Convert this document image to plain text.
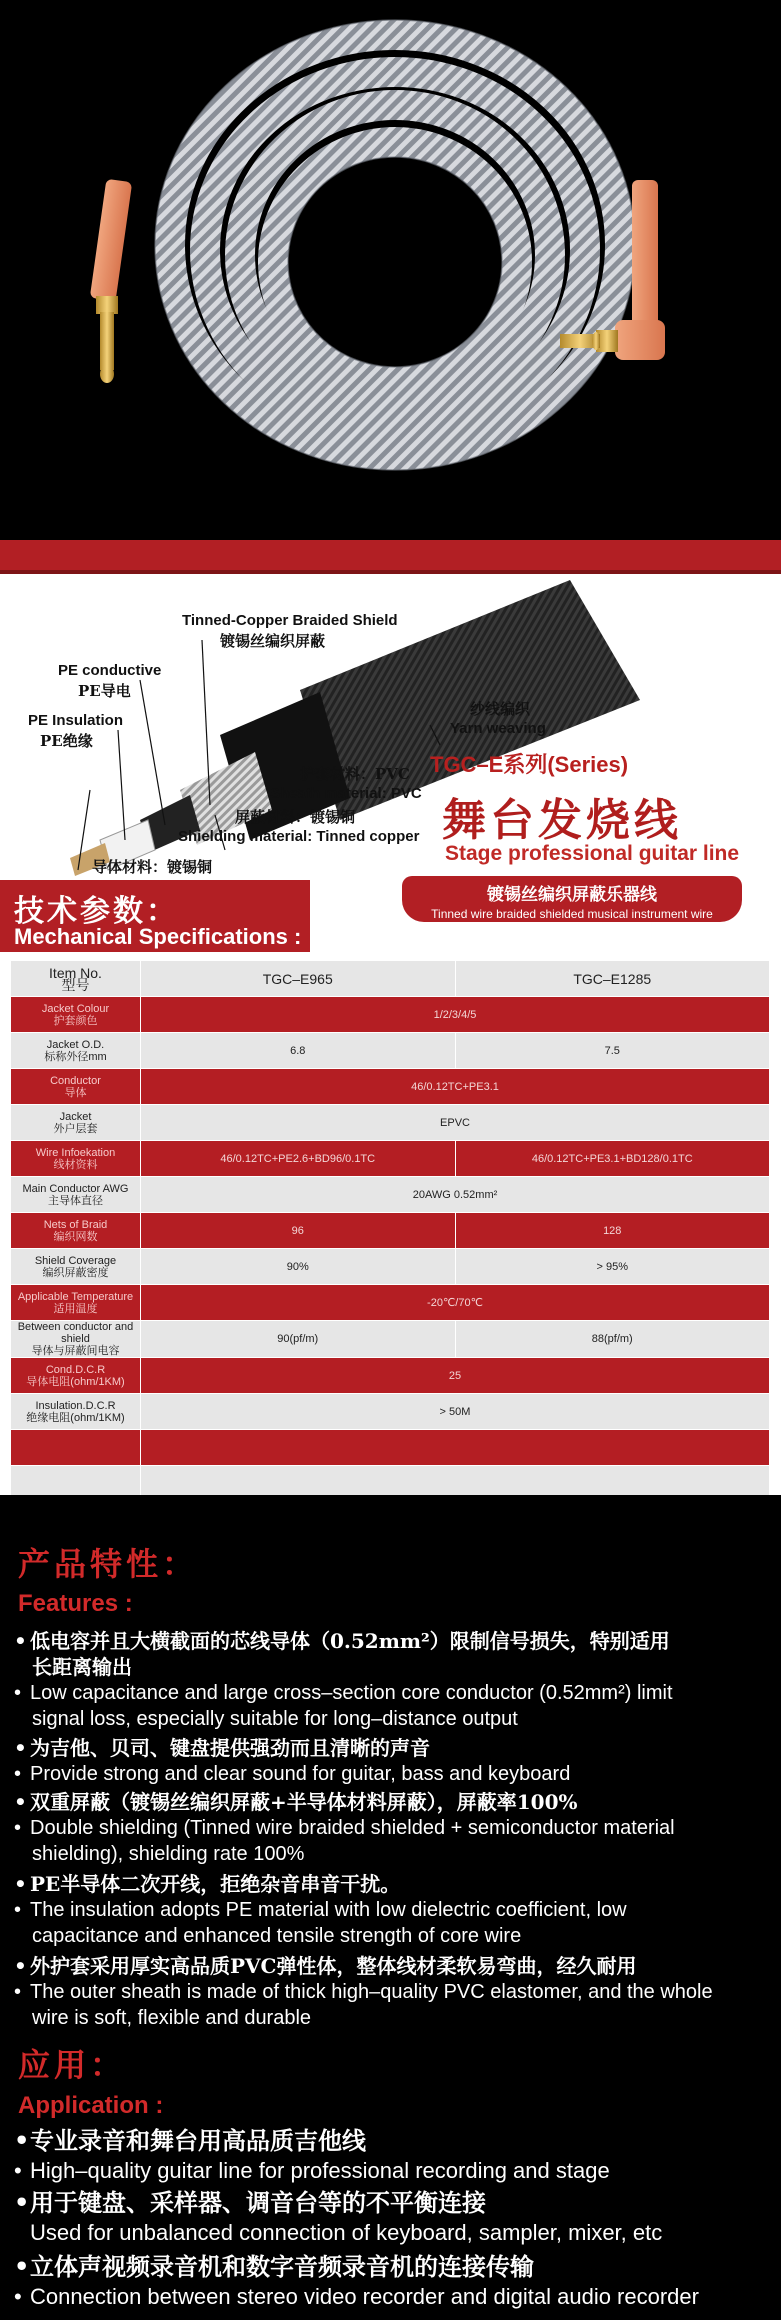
Tinned-Copper Braided Shield
镀锡丝编织屏蔽
PE conductive
PE导电
PE Insulation
PE绝缘
纱线编织
Yarn weaving
护套材料：PVC
Sheath material: PVC
屏蔽材料：镀锡铜
Shielding material: Tinned copper
导体材料：镀锡铜
TGC–E系列(Series)
舞台发烧线
Stage professional guitar line
镀锡丝编织屏蔽乐器线
Tinned wire braided shielded musical instrument wire
技术参数：
Mechanical Specifications :
Item No.
型号	TGC–E965	TGC–E1285
Jacket Colour
护套颜色	1/2/3/4/5	
Jacket O.D.
标称外径mm	6.8	7.5
Conductor
导体	46/0.12TC+PE3.1	
Jacket
外户层套	EPVC	
Wire Infoekation
线材资料	46/0.12TC+PE2.6+BD96/0.1TC	46/0.12TC+PE3.1+BD128/0.1TC
Main Conductor AWG
主导体直径	20AWG 0.52mm²	
Nets of Braid
编织网数	96	128
Shield Coverage
编织屏蔽密度	90%	> 95%
Applicable Temperature
适用温度	-20℃/70℃	
Between conductor and shield
导体与屏蔽间电容	90(pf/m)	88(pf/m)
Cond.D.C.R
导体电阻(ohm/1KM)	25	
Insulation.D.C.R
绝缘电阻(ohm/1KM)	> 50M	

产品特性：
Features :
• 低电容并且大横截面的芯线导体（0.52mm²）限制信号损失，特别适用
长距离输出
• Low capacitance and large cross–section core conductor (0.52mm²) limit
signal loss, especially suitable for long–distance output
• 为吉他、贝司、键盘提供强劲而且清晰的声音
• Provide strong and clear sound for guitar, bass and keyboard
• 双重屏蔽（镀锡丝编织屏蔽+半导体材料屏蔽），屏蔽率100%
• Double shielding (Tinned wire braided shielded + semiconductor material
shielding), shielding rate 100%
• PE半导体二次开线，拒绝杂音串音干扰。
• The insulation adopts PE material with low dielectric coefficient, low
capacitance and enhanced tensile strength of core wire
• 外护套采用厚实高品质PVC弹性体，整体线材柔软易弯曲，经久耐用
• The outer sheath is made of thick high–quality PVC elastomer, and the whole
wire is soft, flexible and durable
应用：
Application :
•专业录音和舞台用高品质吉他线
• High–quality guitar line for professional recording and stage
•用于键盘、采样器、调音台等的不平衡连接
Used for unbalanced connection of keyboard, sampler, mixer, etc
•立体声视频录音机和数字音频录音机的连接传输
• Connection between stereo video recorder and digital audio recorder
